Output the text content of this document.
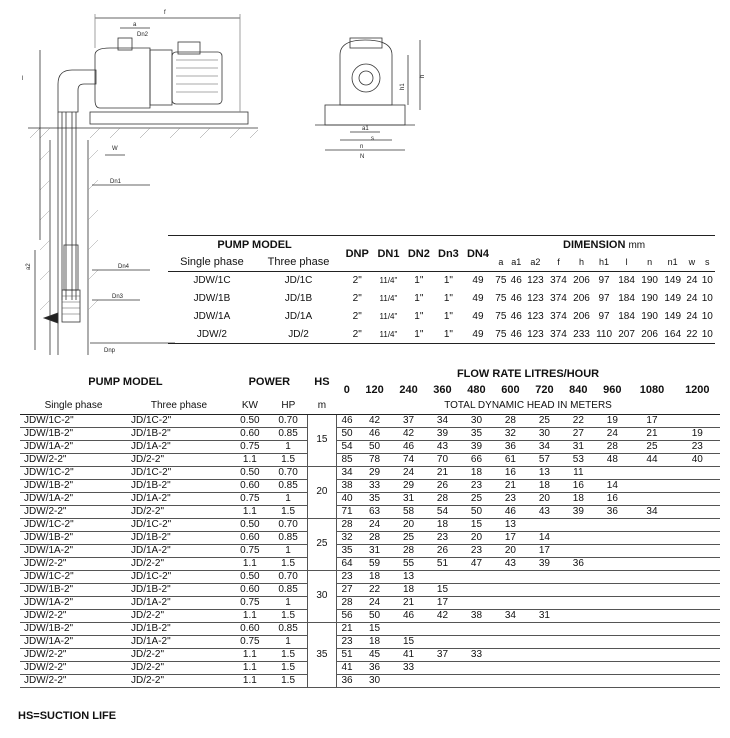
f
a
Dn2
Dn1
Dn4
Dn3
Dnp
W
a2
h1
h
a1
n
N
s
l
PUMP MODEL		DNP	DN1	DN2	Dn3	DN4	DIMENSION mm										
Single phase	Three phase						a	a1	a2	f	h	h1	l	n	n1	w	s
JDW/1C	JD/1C	2"	11/4"	1"	1"	49	75	46	123	374	206	97	184	190	149	24	10
JDW/1B	JD/1B	2"	11/4"	1"	1"	49	75	46	123	374	206	97	184	190	149	24	10
JDW/1A	JD/1A	2"	11/4"	1"	1"	49	75	46	123	374	206	97	184	190	149	24	10
JDW/2	JD/2	2"	11/4"	1"	1"	49	75	46	123	374	233	110	207	206	164	22	10
PUMP MODEL		POWER		HS	FLOW RATE LITRES/HOUR										
					0	120	240	360	480	600	720	840	960	1080	1200
Single phase	Three phase	KW	HP	m	TOTAL DYNAMIC HEAD IN METERS										
JDW/1C-2"	JD/1C-2"	0.50	0.70	15	46	42	37	34	30	28	25	22	19	17	
JDW/1B-2"	JD/1B-2"	0.60	0.85		50	46	42	39	35	32	30	27	24	21	19
JDW/1A-2"	JD/1A-2"	0.75	1		54	50	46	43	39	36	34	31	28	25	23
JDW/2-2"	JD/2-2"	1.1	1.5		85	78	74	70	66	61	57	53	48	44	40
JDW/1C-2"	JD/1C-2"	0.50	0.70	20	34	29	24	21	18	16	13	11			
JDW/1B-2"	JD/1B-2"	0.60	0.85		38	33	29	26	23	21	18	16	14		
JDW/1A-2"	JD/1A-2"	0.75	1		40	35	31	28	25	23	20	18	16		
JDW/2-2"	JD/2-2"	1.1	1.5		71	63	58	54	50	46	43	39	36	34	
JDW/1C-2"	JD/1C-2"	0.50	0.70	25	28	24	20	18	15	13					
JDW/1B-2"	JD/1B-2"	0.60	0.85		32	28	25	23	20	17	14				
JDW/1A-2"	JD/1A-2"	0.75	1		35	31	28	26	23	20	17				
JDW/2-2"	JD/2-2"	1.1	1.5		64	59	55	51	47	43	39	36			
JDW/1C-2"	JD/1C-2"	0.50	0.70	30	23	18	13								
JDW/1B-2"	JD/1B-2"	0.60	0.85		27	22	18	15							
JDW/1A-2"	JD/1A-2"	0.75	1		28	24	21	17							
JDW/2-2"	JD/2-2"	1.1	1.5		56	50	46	42	38	34	31				
JDW/1B-2"	JD/1B-2"	0.60	0.85	35	21	15									
JDW/1A-2"	JD/1A-2"	0.75	1		23	18	15								
JDW/2-2"	JD/2-2"	1.1	1.5		51	45	41	37	33						
JDW/2-2"	JD/2-2"	1.1	1.5		41	36	33								
JDW/2-2"	JD/2-2"	1.1	1.5		36	30									
HS=SUCTION LIFE
